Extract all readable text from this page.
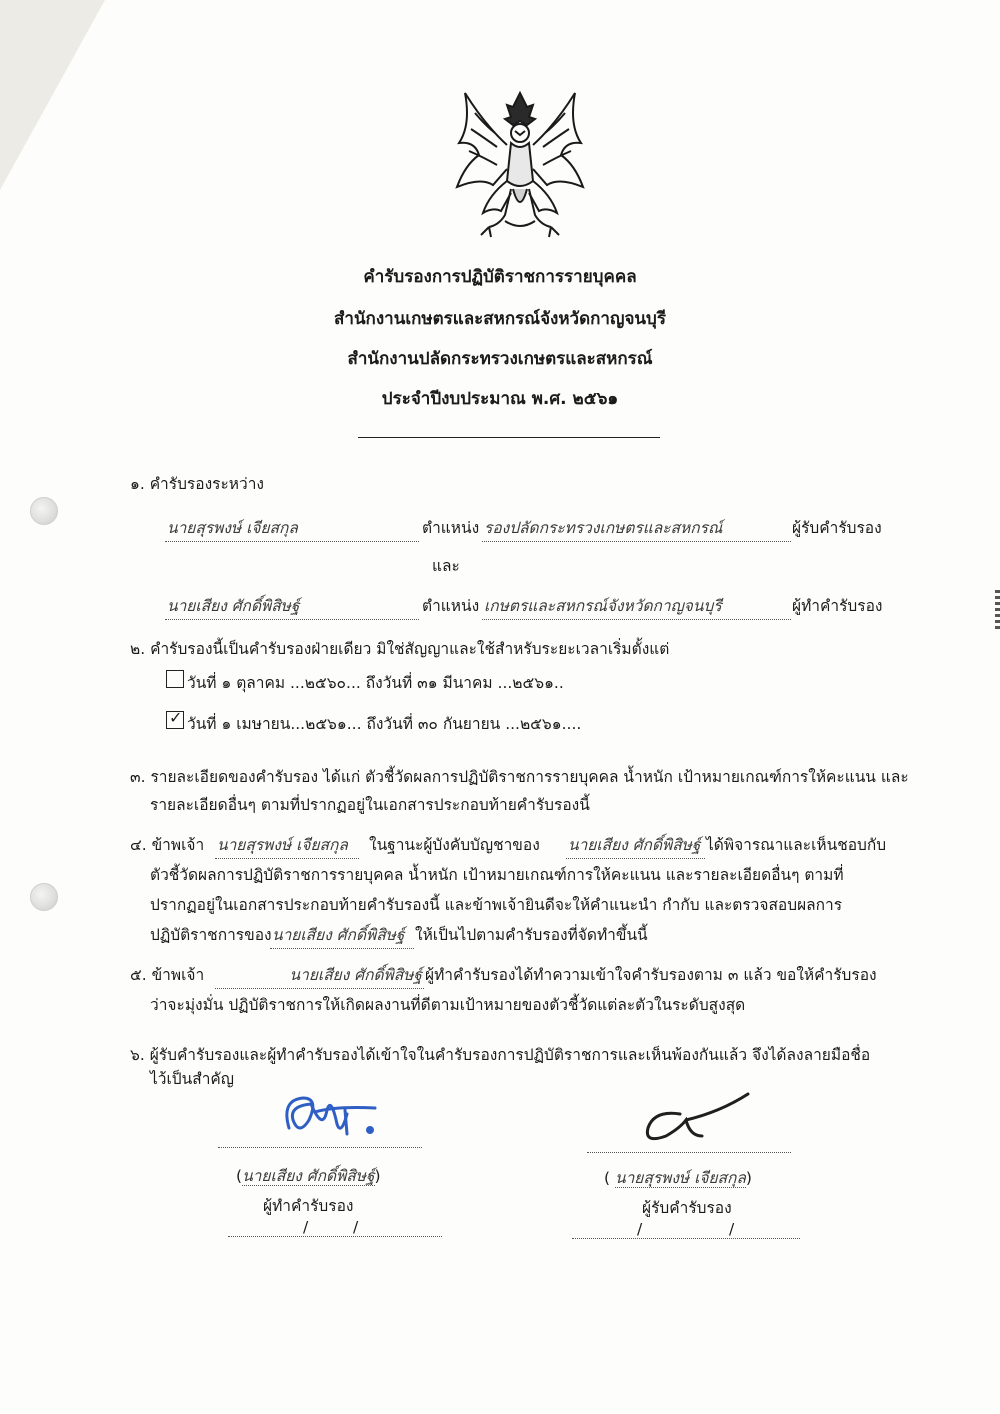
คำรับรองการปฏิบัติราชการรายบุคคล
สำนักงานเกษตรและสหกรณ์จังหวัดกาญจนบุรี
สำนักงานปลัดกระทรวงเกษตรและสหกรณ์
ประจำปีงบประมาณ พ.ศ. ๒๕๖๑
๑. คำรับรองระหว่าง
นายสุรพงษ์ เจียสกุล	ตำแหน่ง รองปลัดกระทรวงเกษตรและสหกรณ์	ผู้รับคำรับรอง
และ
นายเสียง ศักดิ์พิสิษฐ์	ตำแหน่ง เกษตรและสหกรณ์จังหวัดกาญจนบุรี	ผู้ทำคำรับรอง
๒. คำรับรองนี้เป็นคำรับรองฝ่ายเดียว มิใช่สัญญาและใช้สำหรับระยะเวลาเริ่มตั้งแต่
วันที่ ๑ ตุลาคม ...๒๕๖๐... ถึงวันที่ ๓๑ มีนาคม ...๒๕๖๑..
✓ วันที่ ๑ เมษายน...๒๕๖๑... ถึงวันที่ ๓๐ กันยายน ...๒๕๖๑....
๓. รายละเอียดของคำรับรอง ได้แก่ ตัวชี้วัดผลการปฏิบัติราชการรายบุคคล น้ำหนัก เป้าหมายเกณฑ์การให้คะแนน และ
รายละเอียดอื่นๆ ตามที่ปรากฏอยู่ในเอกสารประกอบท้ายคำรับรองนี้
๔. ข้าพเจ้า นายสุรพงษ์ เจียสกุล	ในฐานะผู้บังคับบัญชาของ นายเสียง ศักดิ์พิสิษฐ์ ได้พิจารณาและเห็นชอบกับ
ตัวชี้วัดผลการปฏิบัติราชการรายบุคคล น้ำหนัก เป้าหมายเกณฑ์การให้คะแนน และรายละเอียดอื่นๆ ตามที่
ปรากฏอยู่ในเอกสารประกอบท้ายคำรับรองนี้ และข้าพเจ้ายินดีจะให้คำแนะนำ กำกับ และตรวจสอบผลการ
ปฏิบัติราชการของ นายเสียง ศักดิ์พิสิษฐ์ ให้เป็นไปตามคำรับรองที่จัดทำขึ้นนี้
๕. ข้าพเจ้า	นายเสียง ศักดิ์พิสิษฐ์ ผู้ทำคำรับรองได้ทำความเข้าใจคำรับรองตาม ๓ แล้ว ขอให้คำรับรอง
ว่าจะมุ่งมั่น ปฏิบัติราชการให้เกิดผลงานที่ดีตามเป้าหมายของตัวชี้วัดแต่ละตัวในระดับสูงสุด
๖. ผู้รับคำรับรองและผู้ทำคำรับรองได้เข้าใจในคำรับรองการปฏิบัติราชการและเห็นพ้องกันแล้ว จึงได้ลงลายมือชื่อ
ไว้เป็นสำคัญ
(นายเสียง ศักดิ์พิสิษฐ์)
ผู้ทำคำรับรอง
/	/
( นายสุรพงษ์ เจียสกุล)
ผู้รับคำรับรอง
/	/
